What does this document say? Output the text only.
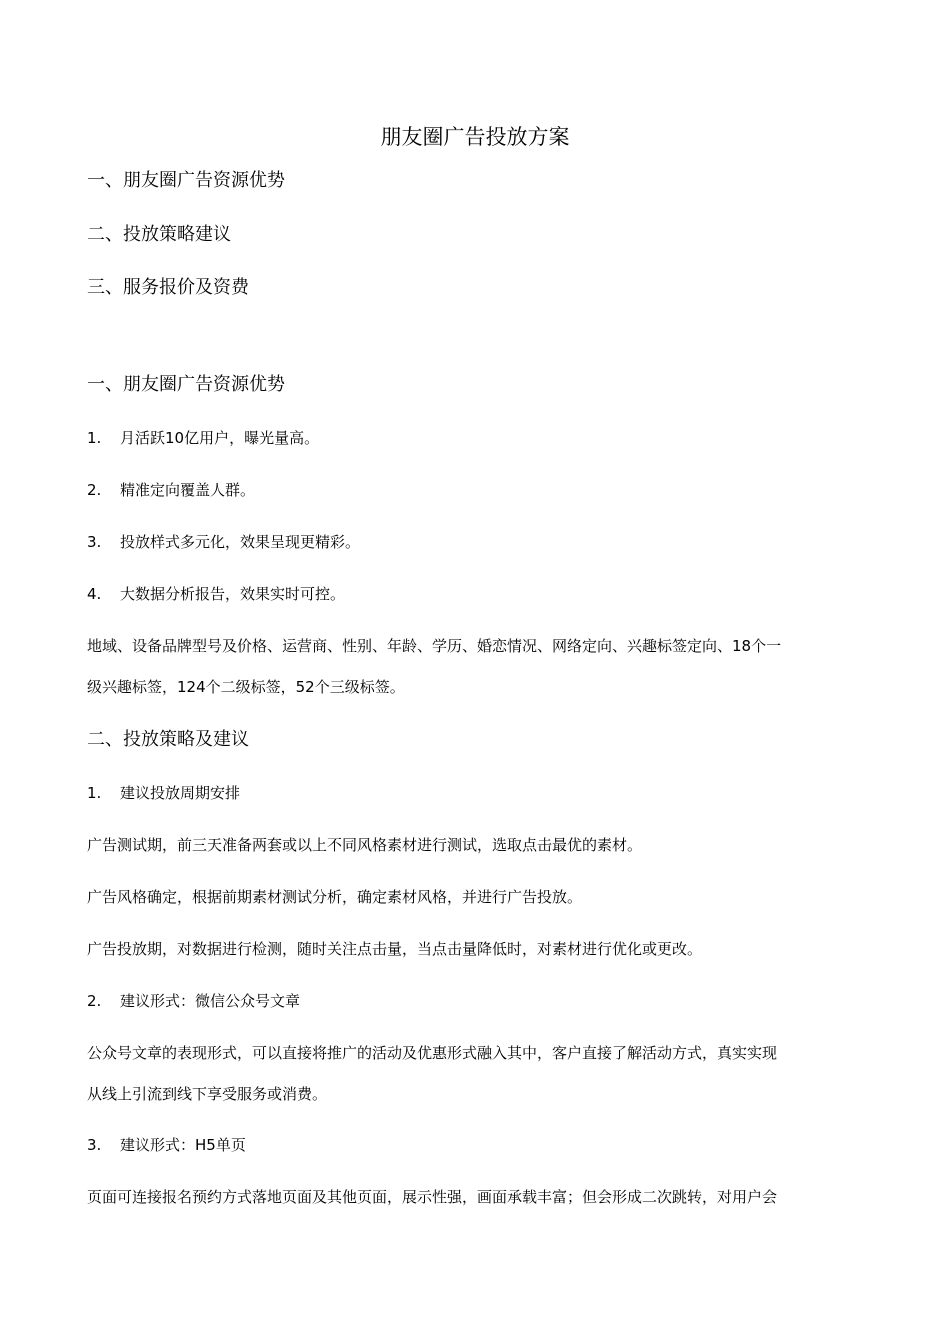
朋友圈广告投放方案
一、朋友圈广告资源优势
二、投放策略建议
三、服务报价及资费
一、朋友圈广告资源优势
1. 月活跃10亿用户，曝光量高。
2. 精准定向覆盖人群。
3. 投放样式多元化，效果呈现更精彩。
4. 大数据分析报告，效果实时可控。
地域、设备品牌型号及价格、运营商、性别、年龄、学历、婚恋情况、网络定向、兴趣标签定向、18个一
级兴趣标签，124个二级标签，52个三级标签。
二、投放策略及建议
1. 建议投放周期安排
广告测试期，前三天准备两套或以上不同风格素材进行测试，选取点击最优的素材。
广告风格确定，根据前期素材测试分析，确定素材风格，并进行广告投放。
广告投放期，对数据进行检测，随时关注点击量，当点击量降低时，对素材进行优化或更改。
2. 建议形式：微信公众号文章
公众号文章的表现形式，可以直接将推广的活动及优惠形式融入其中，客户直接了解活动方式，真实实现
从线上引流到线下享受服务或消费。
3. 建议形式：H5单页
页面可连接报名预约方式落地页面及其他页面，展示性强，画面承载丰富；但会形成二次跳转，对用户会
